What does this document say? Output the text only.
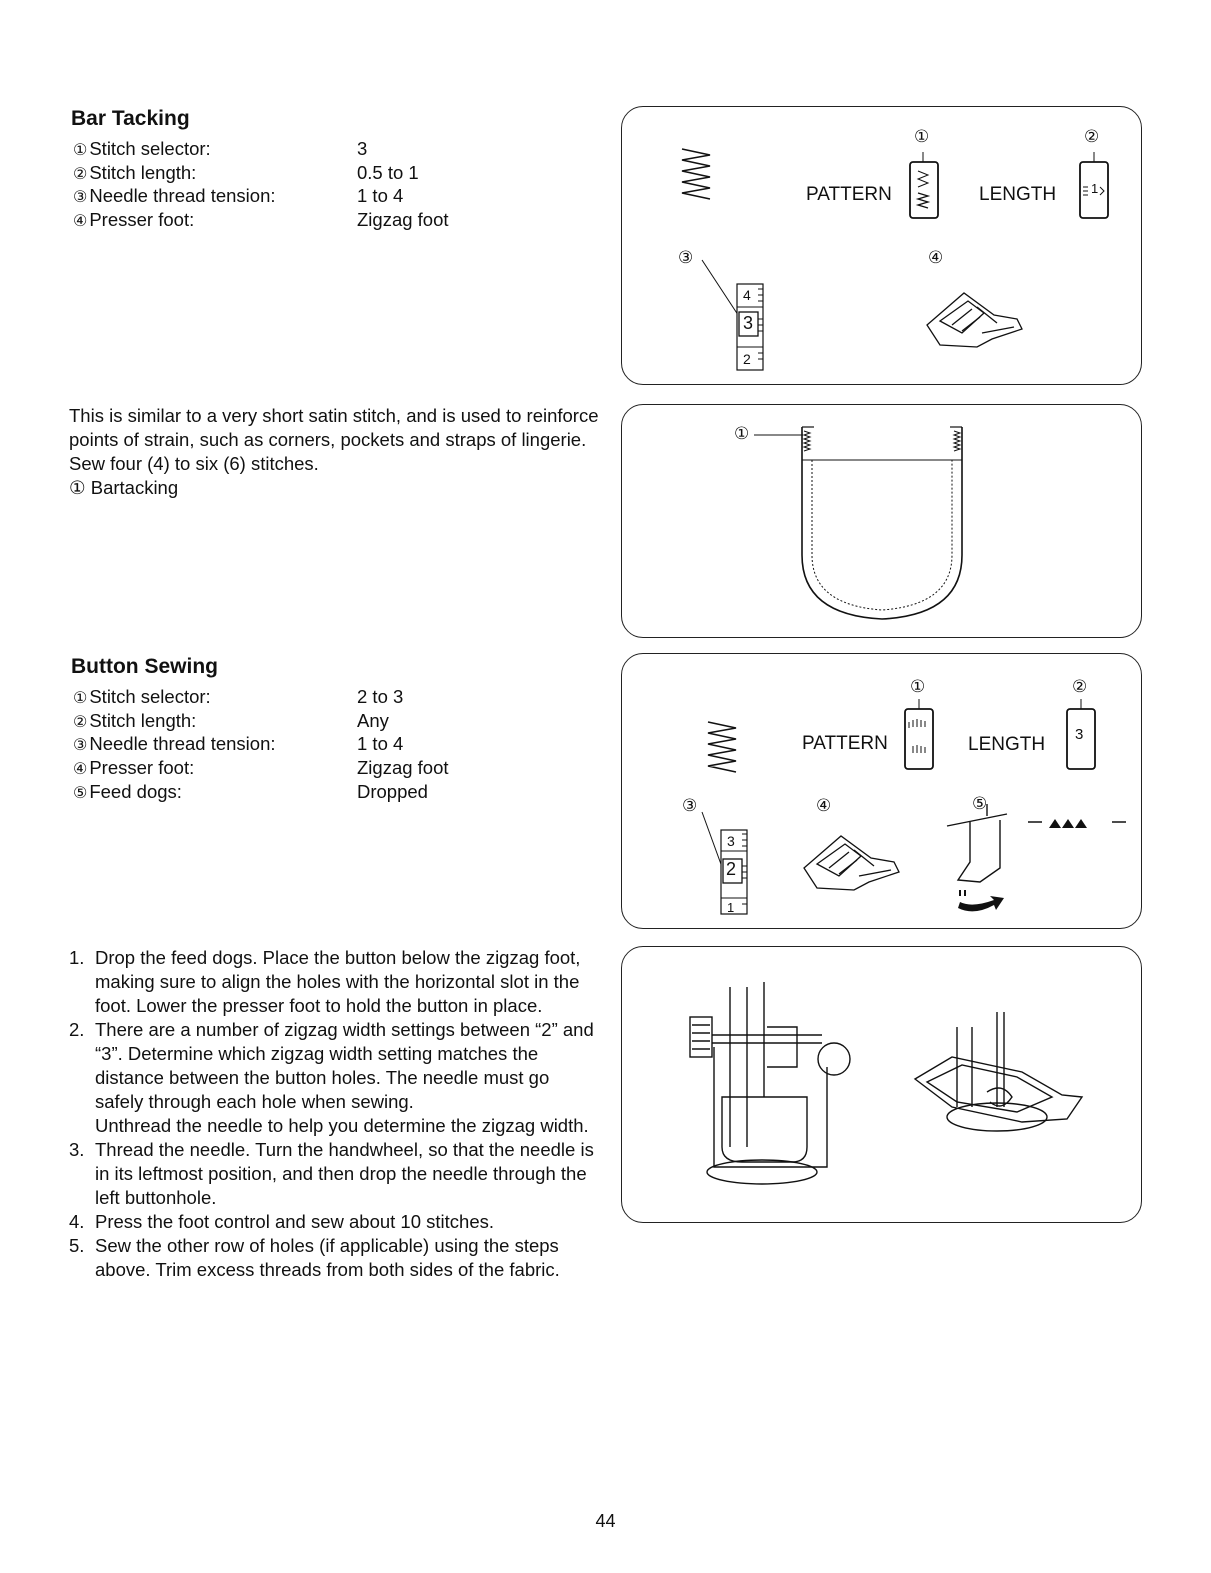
Bar Tacking
① Stitch selector:	3
② Stitch length:	0.5 to 1
③ Needle thread tension:	1 to 4
④ Presser foot:	Zigzag foot

This is similar to a very short satin stitch, and is used to reinforce points of strain, such as corners, pockets and straps of lingerie.

Sew four (4) to six (6) stitches.

① Bartacking

①	②
③	④
PATTERN	LENGTH	1
4
3
2
①
Button Sewing
① Stitch selector:	2 to 3
② Stitch length:	Any
③ Needle thread tension:	1 to 4
④ Presser foot:	Zigzag foot
⑤ Feed dogs:	Dropped
①	②
③	④	⑤
PATTERN	LENGTH 3
3
2
1
1. Drop the feed dogs. Place the button below the zigzag foot, making sure to align the holes with the horizontal slot in the foot. Lower the presser foot to hold the button in place.
2. There are a number of zigzag width settings between “2” and “3”. Determine which zigzag width setting matches the distance between the button holes. The needle must go safely through each hole when sewing.
Unthread the needle to help you determine the zigzag width.
3. Thread the needle. Turn the handwheel, so that the needle is in its leftmost position, and then drop the needle through the left buttonhole.
4. Press the foot control and sew about 10 stitches.
5. Sew the other row of holes (if applicable) using the steps above. Trim excess threads from both sides of the fabric.
44
